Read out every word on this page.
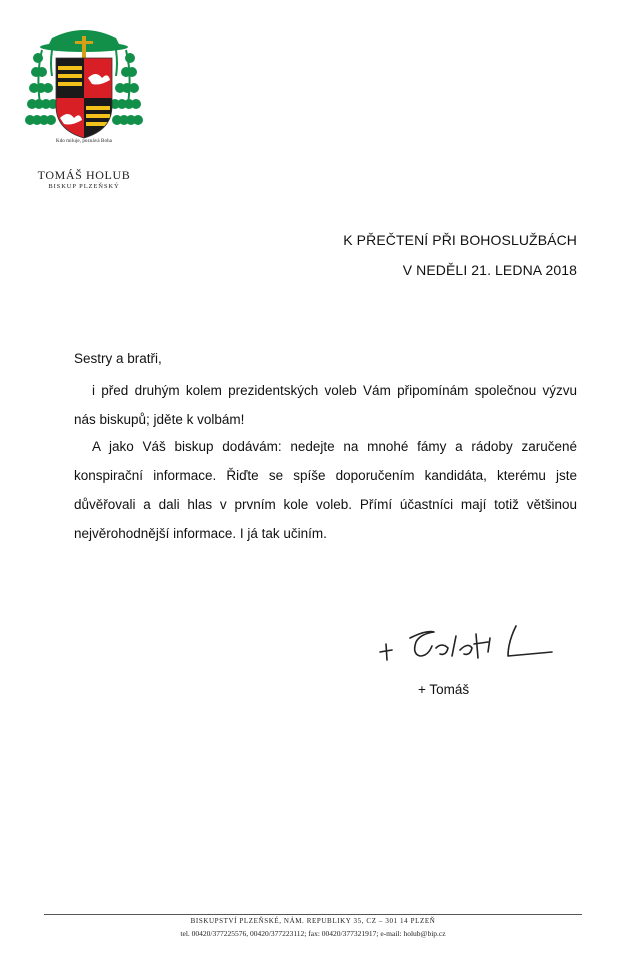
Kdo miluje, poznává Boha
TOMÁŠ HOLUB
BISKUP PLZEŇSKÝ
K PŘEČTENÍ PŘI BOHOSLUŽBÁCH
V NEDĚLI 21. LEDNA 2018
Sestry a bratři,

i před druhým kolem prezidentských voleb Vám připomínám společnou výzvu nás biskupů; jděte k volbám!

A jako Váš biskup dodávám: nedejte na mnohé fámy a rádoby zaručené konspirační informace. Řiďte se spíše doporučením kandidáta, kterému jste důvěřovali a dali hlas v prvním kole voleb. Přímí účastníci mají totiž většinou nejvěrohodnější informace. I já tak učiním.

+ Tomáš
BISKUPSTVÍ PLZEŇSKÉ, NÁM. REPUBLIKY 35, CZ – 301 14 PLZEŇ
tel. 00420/377225576, 00420/377223112; fax: 00420/377321917; e-mail: holub@bip.cz
